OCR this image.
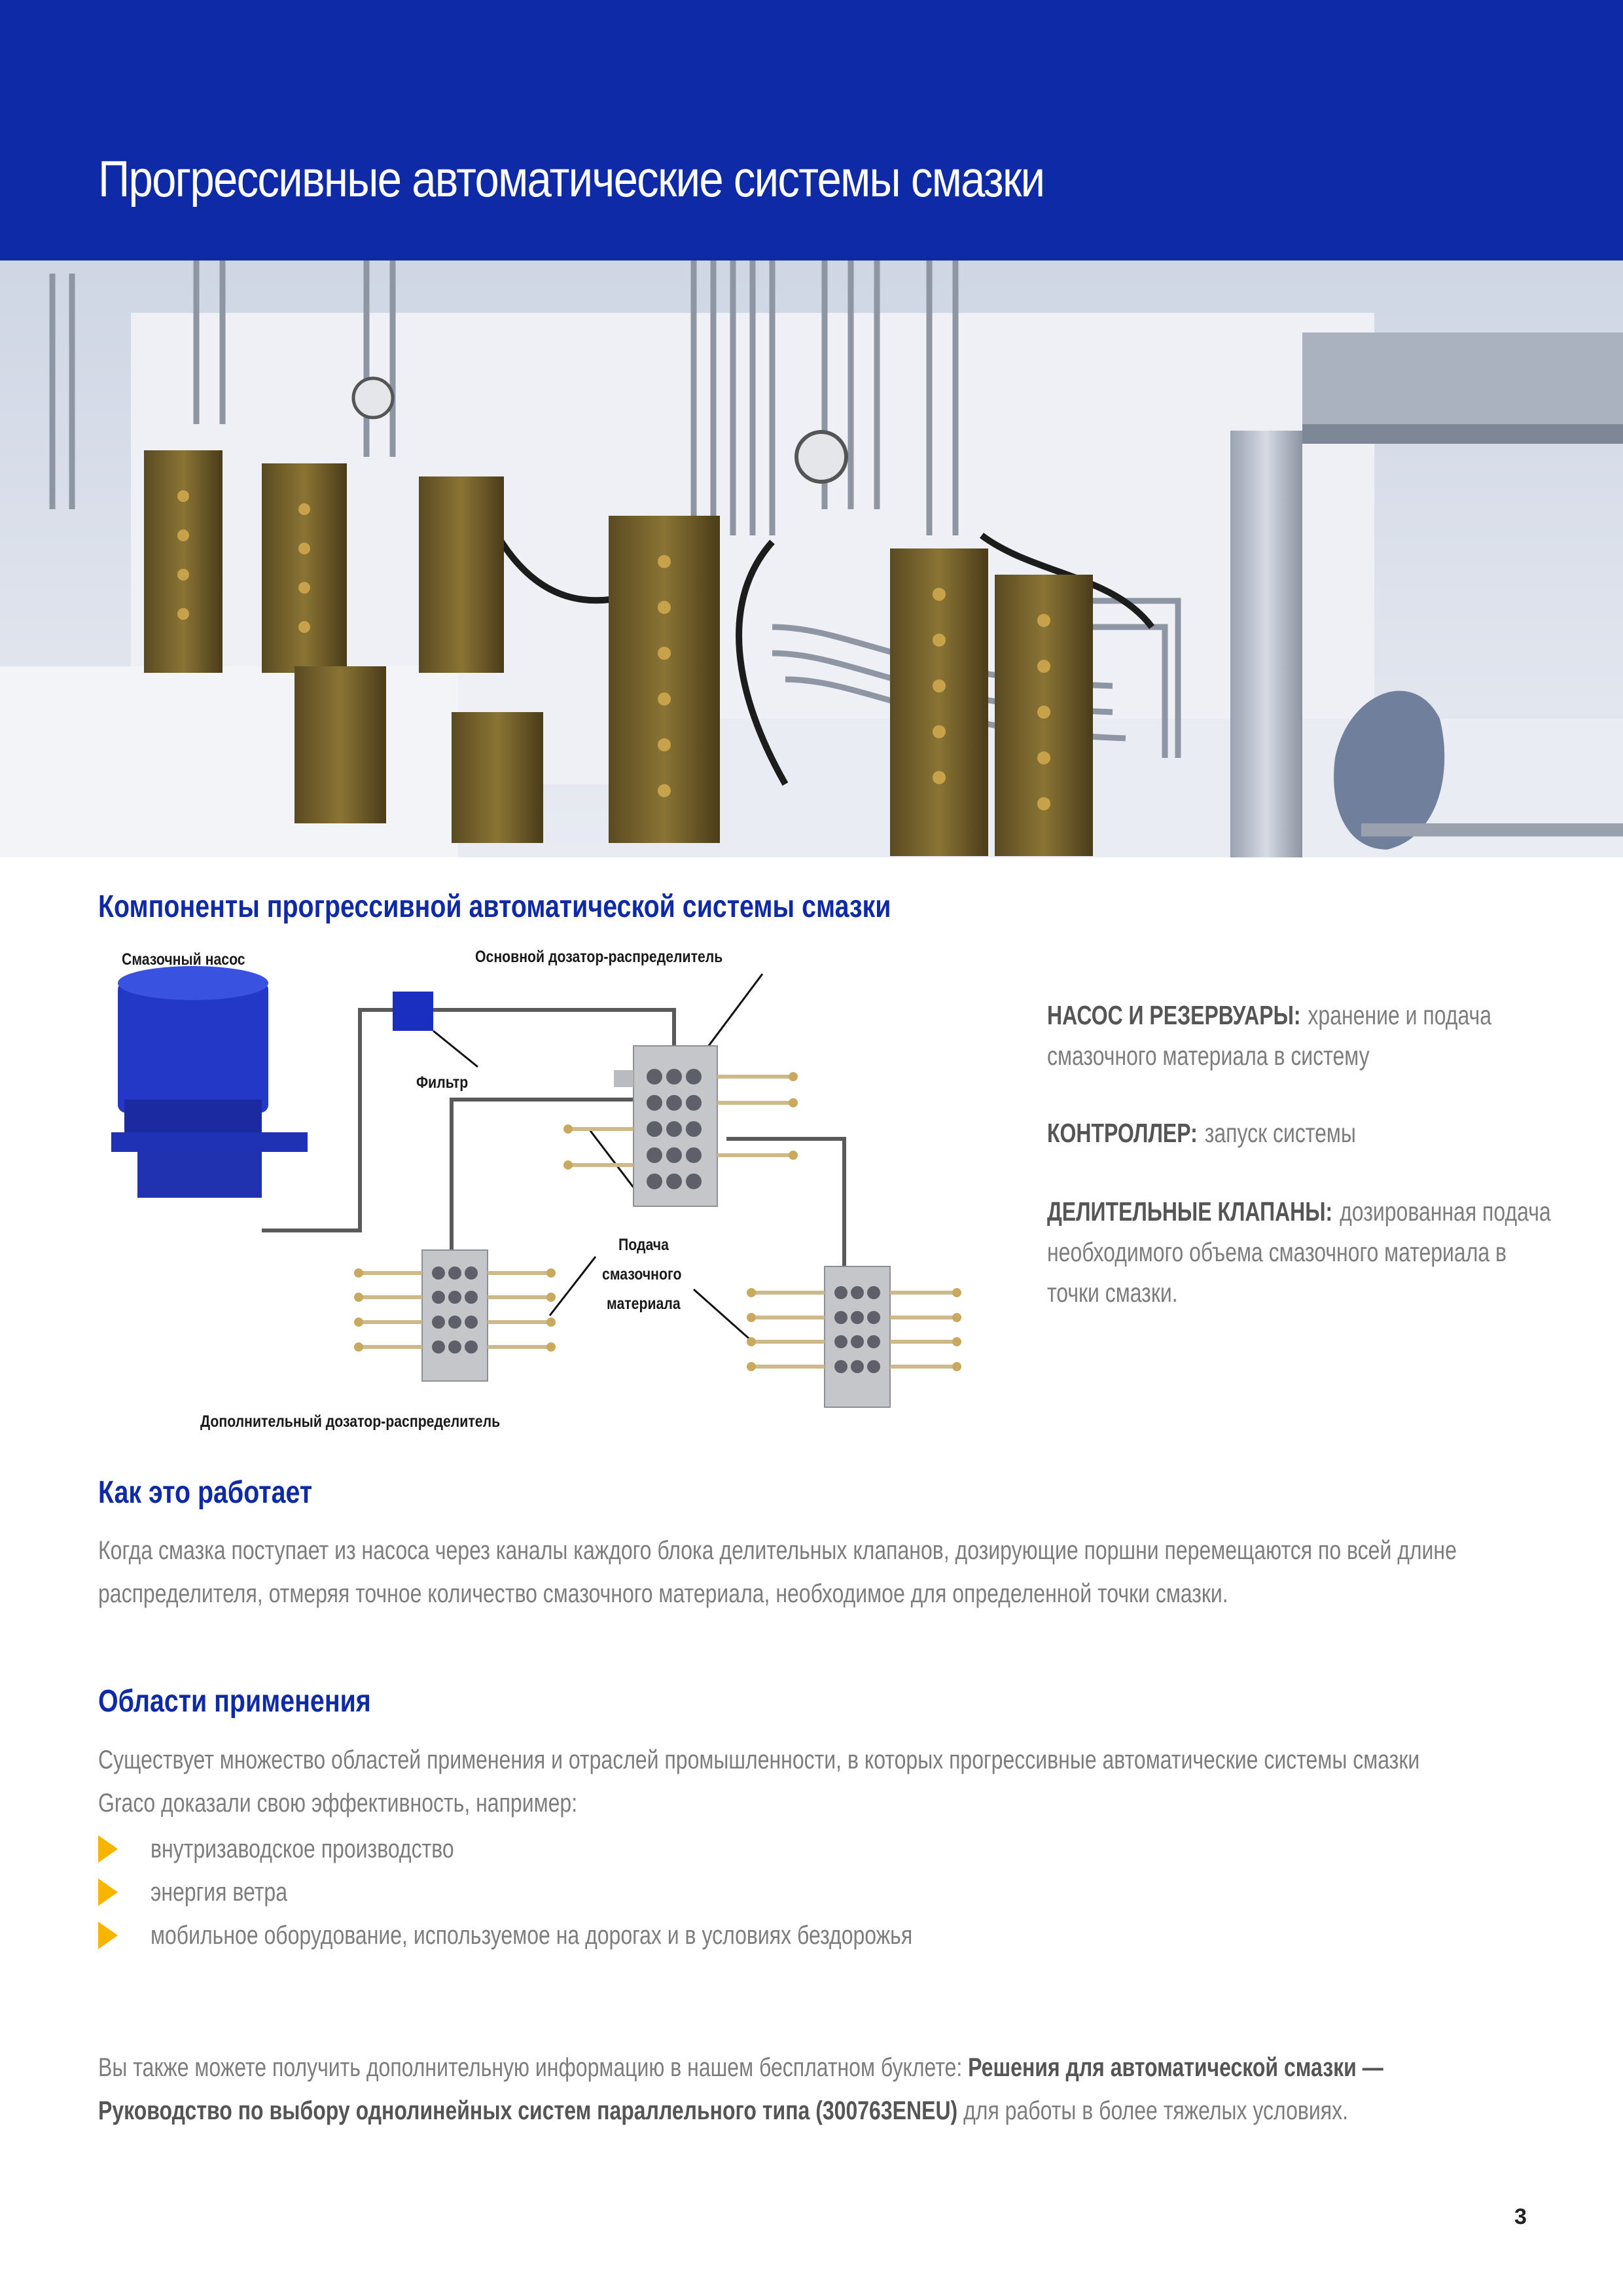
Прогрессивные автоматические системы смазки
Компоненты прогрессивной автоматической системы смазки
Смазочный насос	Основной дозатор-распределитель
Фильтр
Подача
смазочного
материала
Дополнительный дозатор-распределитель
НАСОС И РЕЗЕРВУАРЫ: хранение и подача смазочного материала в систему
КОНТРОЛЛЕР: запуск системы
ДЕЛИТЕЛЬНЫЕ КЛАПАНЫ: дозированная подача необходимого объема смазочного материала в точки смазки.
Как это работает
Когда смазка поступает из насоса через каналы каждого блока делительных клапанов, дозирующие поршни перемещаются по всей длине распределителя, отмеряя точное количество смазочного материала, необходимое для определенной точки смазки.
Области применения
Существует множество областей применения и отраслей промышленности, в которых прогрессивные автоматические системы смазки Graco доказали свою эффективность, например:
внутризаводское производство
энергия ветра
мобильное оборудование, используемое на дорогах и в условиях бездорожья
Вы также можете получить дополнительную информацию в нашем бесплатном буклете: Решения для автоматической смазки — Руководство по выбору однолинейных систем параллельного типа (300763ENEU) для работы в более тяжелых условиях.
3
